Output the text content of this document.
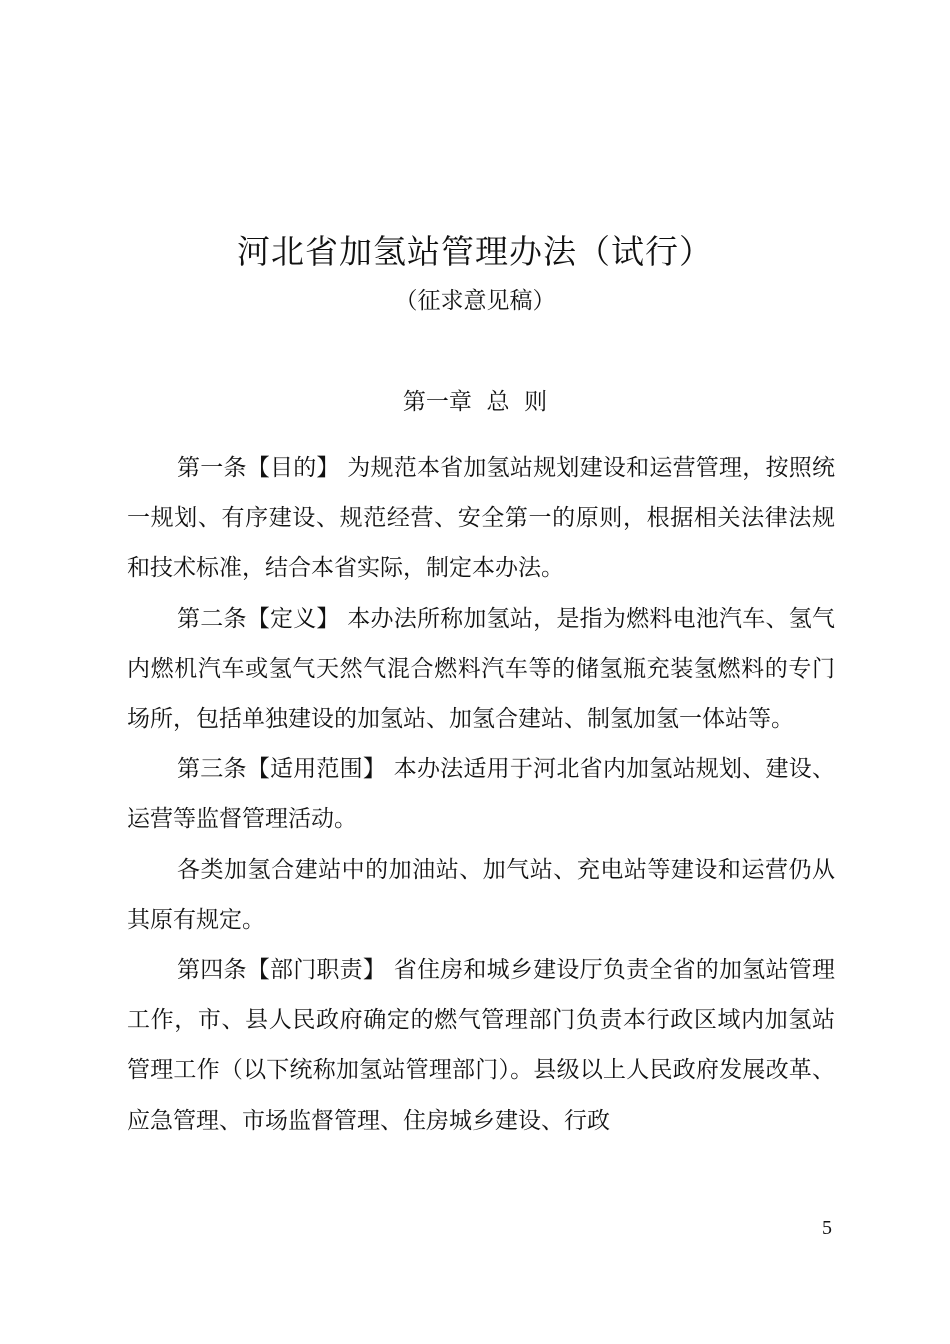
河北省加氢站管理办法（试行）
（征求意见稿）
第一章  总  则

第一条【目的】 为规范本省加氢站规划建设和运营管理，按照统一规划、有序建设、规范经营、安全第一的原则，根据相关法律法规和技术标准，结合本省实际，制定本办法。

第二条【定义】 本办法所称加氢站，是指为燃料电池汽车、氢气内燃机汽车或氢气天然气混合燃料汽车等的储氢瓶充装氢燃料的专门场所，包括单独建设的加氢站、加氢合建站、制氢加氢一体站等。

第三条【适用范围】 本办法适用于河北省内加氢站规划、建设、运营等监督管理活动。

各类加氢合建站中的加油站、加气站、充电站等建设和运营仍从其原有规定。

第四条【部门职责】 省住房和城乡建设厅负责全省的加氢站管理工作，市、县人民政府确定的燃气管理部门负责本行政区域内加氢站管理工作（以下统称加氢站管理部门）。县级以上人民政府发展改革、应急管理、市场监督管理、住房城乡建设、行政

5
